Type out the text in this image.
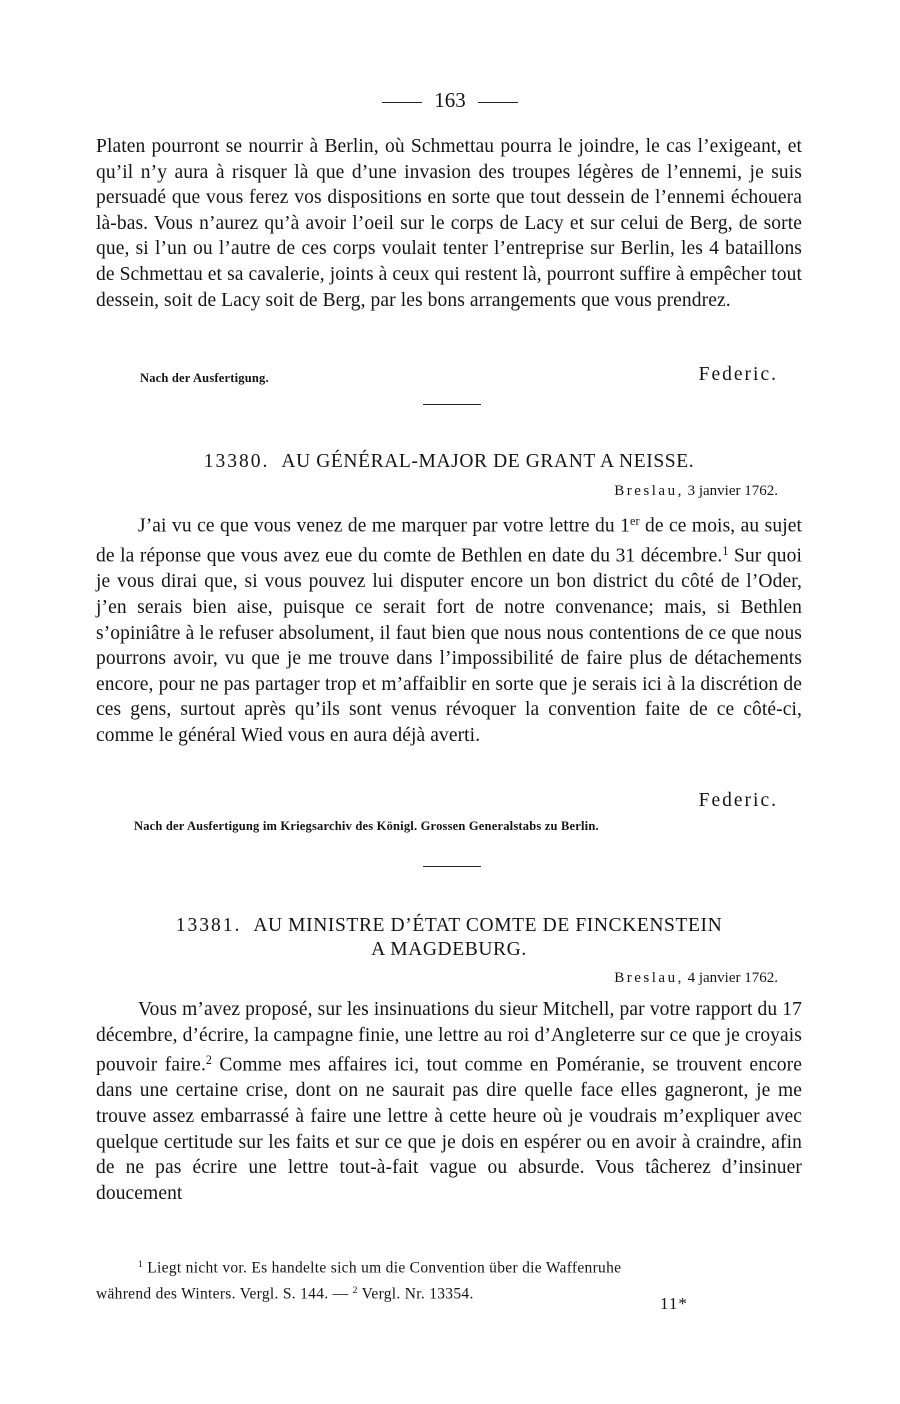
163

Platen pourront se nourrir à Berlin, où Schmettau pourra le joindre, le cas l’exigeant, et qu’il n’y aura à risquer là que d’une invasion des troupes légères de l’ennemi, je suis persuadé que vous ferez vos dispositions en sorte que tout dessein de l’ennemi échouera là-bas. Vous n’aurez qu’à avoir l’oeil sur le corps de Lacy et sur celui de Berg, de sorte que, si l’un ou l’autre de ces corps voulait tenter l’entreprise sur Berlin, les 4 bataillons de Schmettau et sa cavalerie, joints à ceux qui restent là, pourront suffire à empêcher tout dessein, soit de Lacy soit de Berg, par les bons arrangements que vous prendrez.

Nach der Ausfertigung.	Federic.
13380. AU GÉNÉRAL-MAJOR DE GRANT A NEISSE.
Breslau, 3 janvier 1762.

J’ai vu ce que vous venez de me marquer par votre lettre du 1er de ce mois, au sujet de la réponse que vous avez eue du comte de Bethlen en date du 31 décembre.$^1$ Sur quoi je vous dirai que, si vous pouvez lui disputer encore un bon district du côté de l’Oder, j’en serais bien aise, puisque ce serait fort de notre convenance; mais, si Bethlen s’opiniâtre à le refuser absolument, il faut bien que nous nous contentions de ce que nous pourrons avoir, vu que je me trouve dans l’impossibilité de faire plus de détachements encore, pour ne pas partager trop et m’affaiblir en sorte que je serais ici à la discrétion de ces gens, surtout après qu’ils sont venus révoquer la convention faite de ce côté-ci, comme le général Wied vous en aura déjà averti.

Federic.
Nach der Ausfertigung im Kriegsarchiv des Königl. Grossen Generalstabs zu Berlin.
13381. AU MINISTRE D’ÉTAT COMTE DE FINCKENSTEIN
A MAGDEBURG.
Breslau, 4 janvier 1762.

Vous m’avez proposé, sur les insinuations du sieur Mitchell, par votre rapport du 17 décembre, d’écrire, la campagne finie, une lettre au roi d’Angleterre sur ce que je croyais pouvoir faire.$^2$ Comme mes affaires ici, tout comme en Poméranie, se trouvent encore dans une certaine crise, dont on ne saurait pas dire quelle face elles gagneront, je me trouve assez embarrassé à faire une lettre à cette heure où je voudrais m’expliquer avec quelque certitude sur les faits et sur ce que je dois en espérer ou en avoir à craindre, afin de ne pas écrire une lettre tout-à-fait vague ou absurde. Vous tâcherez d’insinuer doucement

$^1$ Liegt nicht vor. Es handelte sich um die Convention über die Waffenruhe
während des Winters. Vergl. S. 144. — $^2$ Vergl. Nr. 13354.	11*
